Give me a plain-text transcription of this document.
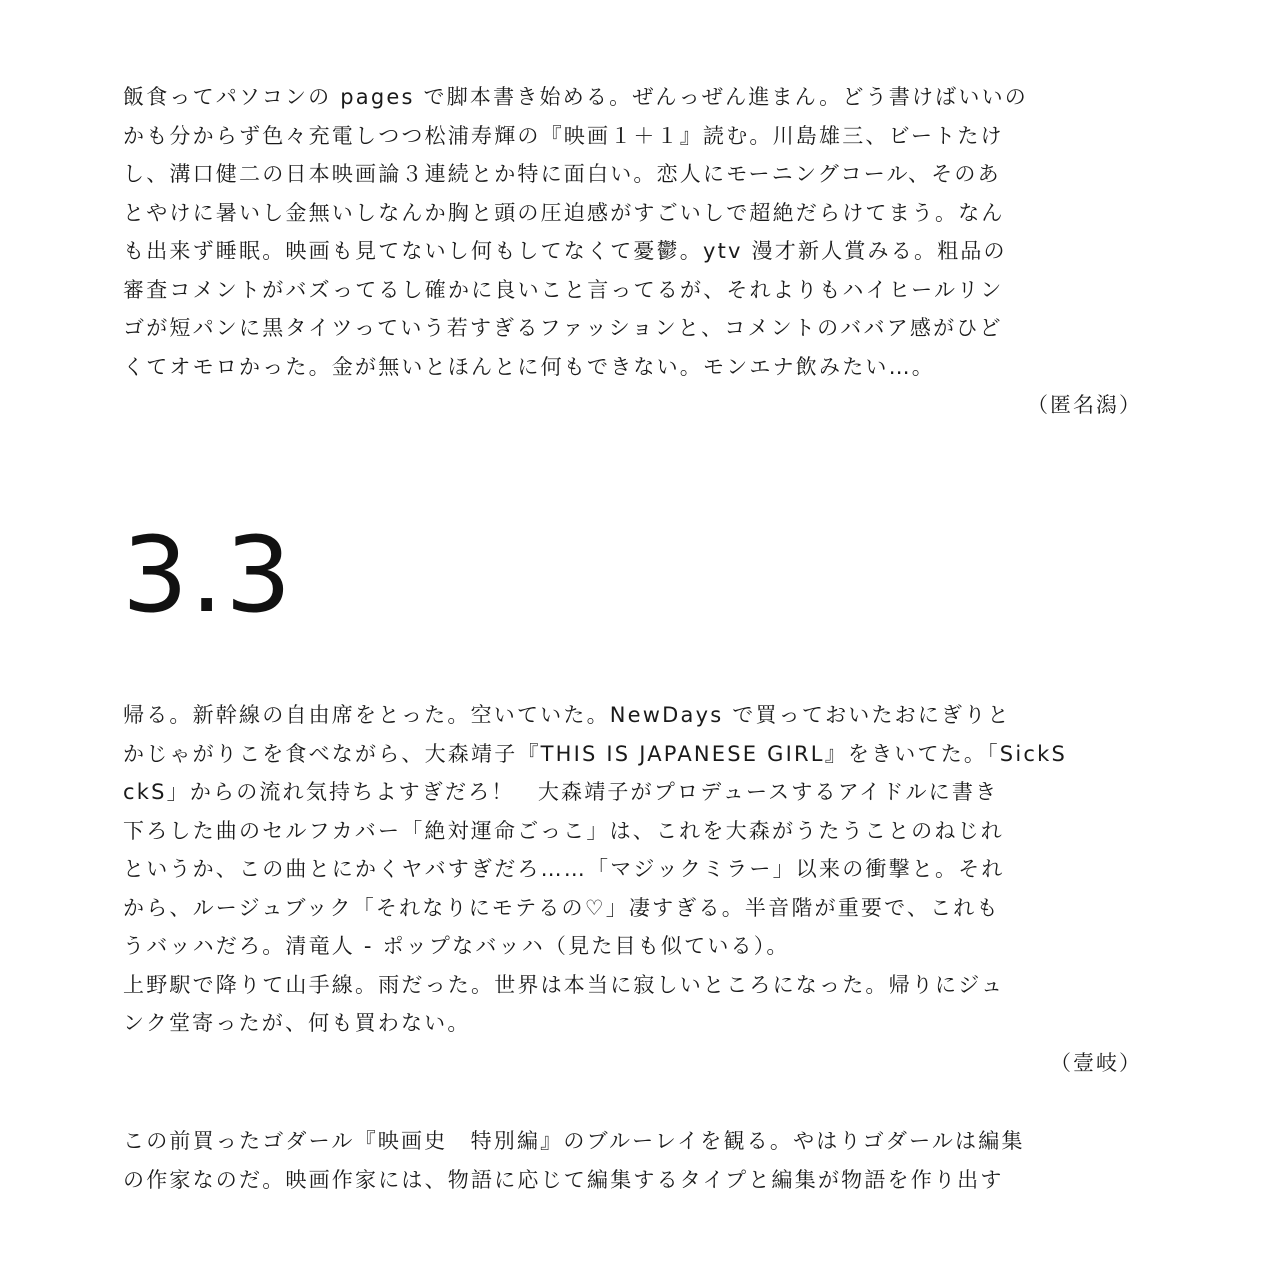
飯食ってパソコンの pages で脚本書き始める。ぜんっぜん進まん。どう書けばいいの
かも分からず色々充電しつつ松浦寿輝の『映画１＋１』読む。川島雄三、ビートたけ
し、溝口健二の日本映画論３連続とか特に面白い。恋人にモーニングコール、そのあ
とやけに暑いし金無いしなんか胸と頭の圧迫感がすごいしで超絶だらけてまう。なん
も出来ず睡眠。映画も見てないし何もしてなくて憂鬱。ytv 漫才新人賞みる。粗品の
審査コメントがバズってるし確かに良いこと言ってるが、それよりもハイヒールリン
ゴが短パンに黒タイツっていう若すぎるファッションと、コメントのババア感がひど
くてオモロかった。金が無いとほんとに何もできない。モンエナ飲みたい…。

（匿名潟）

3.3

帰る。新幹線の自由席をとった。空いていた。NewDays で買っておいたおにぎりと
かじゃがりこを食べながら、大森靖子『THIS IS JAPANESE GIRL』をきいてた。「SickS
ckS」からの流れ気持ちよすぎだろ！　大森靖子がプロデュースするアイドルに書き
下ろした曲のセルフカバー「絶対運命ごっこ」は、これを大森がうたうことのねじれ
というか、この曲とにかくヤバすぎだろ……「マジックミラー」以来の衝撃と。それ
から、ルージュブック「それなりにモテるの♡」凄すぎる。半音階が重要で、これも
うバッハだろ。清竜人 - ポップなバッハ（見た目も似ている）。
上野駅で降りて山手線。雨だった。世界は本当に寂しいところになった。帰りにジュ
ンク堂寄ったが、何も買わない。

（壹岐）

この前買ったゴダール『映画史　特別編』のブルーレイを観る。やはりゴダールは編集
の作家なのだ。映画作家には、物語に応じて編集するタイプと編集が物語を作り出す
